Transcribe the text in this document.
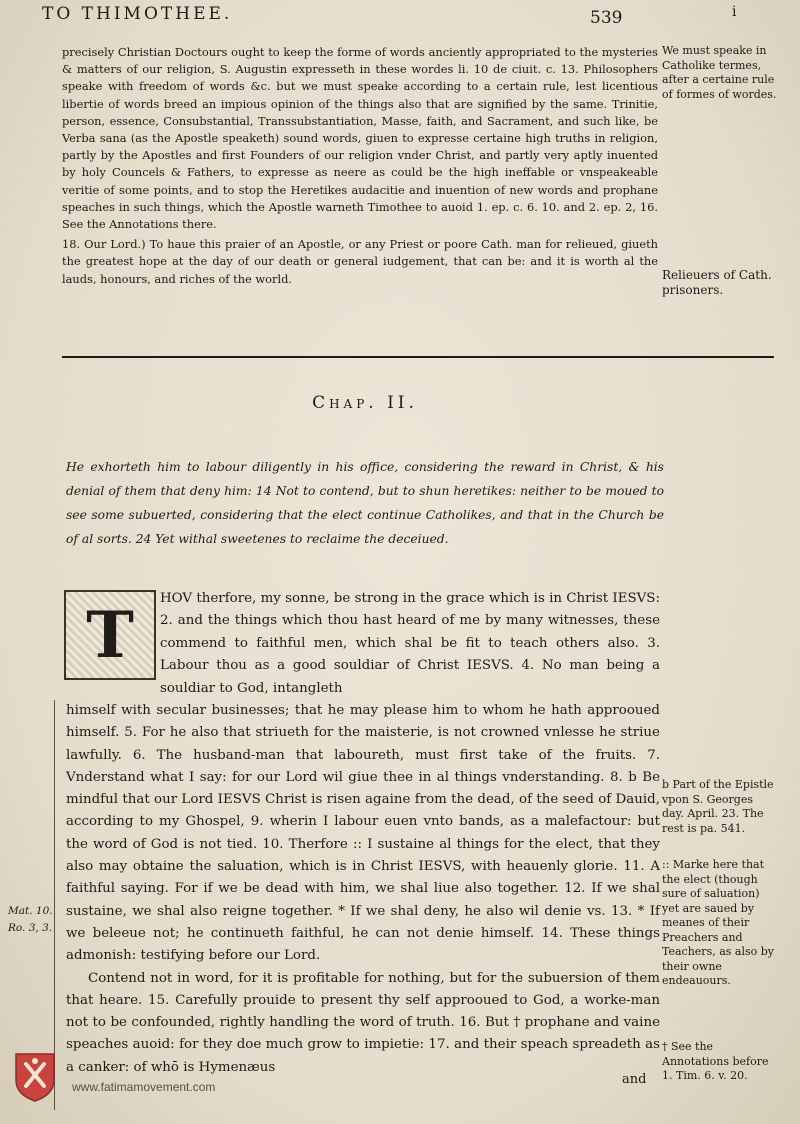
TO THIMOTHEE.	539	i

precisely Christian Doctours ought to keep the forme of words anciently appropriated to the mysteries & matters of our religion, S. Augustin expresseth in these wordes li. 10 de ciuit. c. 13. Philosophers speake with freedom of words &c. but we must speake according to a certain rule, lest licentious libertie of words breed an impious opinion of the things also that are signified by the same. Trinitie, person, essence, Consubstantial, Transsubstantiation, Masse, faith, and Sacrament, and such like, be Verba sana (as the Apostle speaketh) sound words, giuen to expresse certaine high truths in religion, partly by the Apostles and first Founders of our religion vnder Christ, and partly very aptly inuented by holy Councels & Fathers, to expresse as neere as could be the high ineffable or vnspeakeable veritie of some points, and to stop the Heretikes audacitie and inuention of new words and prophane speaches in such things, which the Apostle warneth Timothee to auoid 1. ep. c. 6. 10. and 2. ep. 2, 16. See the Annotations there.

18. Our Lord.) To haue this praier of an Apostle, or any Priest or poore Cath. man for relieued, giueth the greatest hope at the day of our death or general iudgement, that can be: and it is worth al the lauds, honours, and riches of the world.

We must speake in Catholike termes, after a certaine rule of formes of wordes.
Relieuers of Cath. prisoners.
Chap. II.
He exhorteth him to labour diligently in his office, considering the reward in Christ, & his denial of them that deny him: 14 Not to contend, but to shun heretikes: neither to be moued to see some subuerted, considering that the elect continue Catholikes, and that in the Church be of al sorts. 24 Yet withal sweetenes to reclaime the deceiued.
T	HOV therfore, my sonne, be strong in the grace which is in Christ IESVS: 2. and the things which thou hast heard of me by many witnesses, these commend to faithful men, which shal be fit to teach others also. 3. Labour thou as a good souldiar of Christ IESVS. 4. No man being a souldiar to God, intangleth

himself with secular businesses; that he may please him to whom he hath approoued himself. 5. For he also that striueth for the maisterie, is not crowned vnlesse he striue lawfully. 6. The husband-man that laboureth, must first take of the fruits. 7. Vnderstand what I say: for our Lord wil giue thee in al things vnderstanding. 8. b Be mindful that our Lord IESVS Christ is risen againe from the dead, of the seed of Dauid, according to my Ghospel, 9. wherin I labour euen vnto bands, as a malefactour: but the word of God is not tied. 10. Therfore :: I sustaine al things for the elect, that they also may obtaine the saluation, which is in Christ IESVS, with heauenly glorie. 11. A faithful saying. For if we be dead with him, we shal liue also together. 12. If we shal sustaine, we shal also reigne together. * If we shal deny, he also wil denie vs. 13. * If we beleeue not; he continueth faithful, he can not denie himself. 14. These things admonish: testifying before our Lord.

Contend not in word, for it is profitable for nothing, but for the subuersion of them that heare. 15. Carefully prouide to present thy self approoued to God, a worke-man not to be confounded, rightly handling the word of truth. 16. But † prophane and vaine speaches auoid: for they doe much grow to impietie: 17. and their speach spreadeth as a canker: of whō is Hymenæus

b Part of the Epistle vpon S. Georges day. April. 23. The rest is pa. 541.
:: Marke here that the elect (though sure of saluation) yet are saued by meanes of their Preachers and Teachers, as also by their owne endeauours.
† See the Annotations before 1. Tim. 6. v. 20.
Mat. 10. Ro. 3, 3.
and
www.fatimamovement.com
